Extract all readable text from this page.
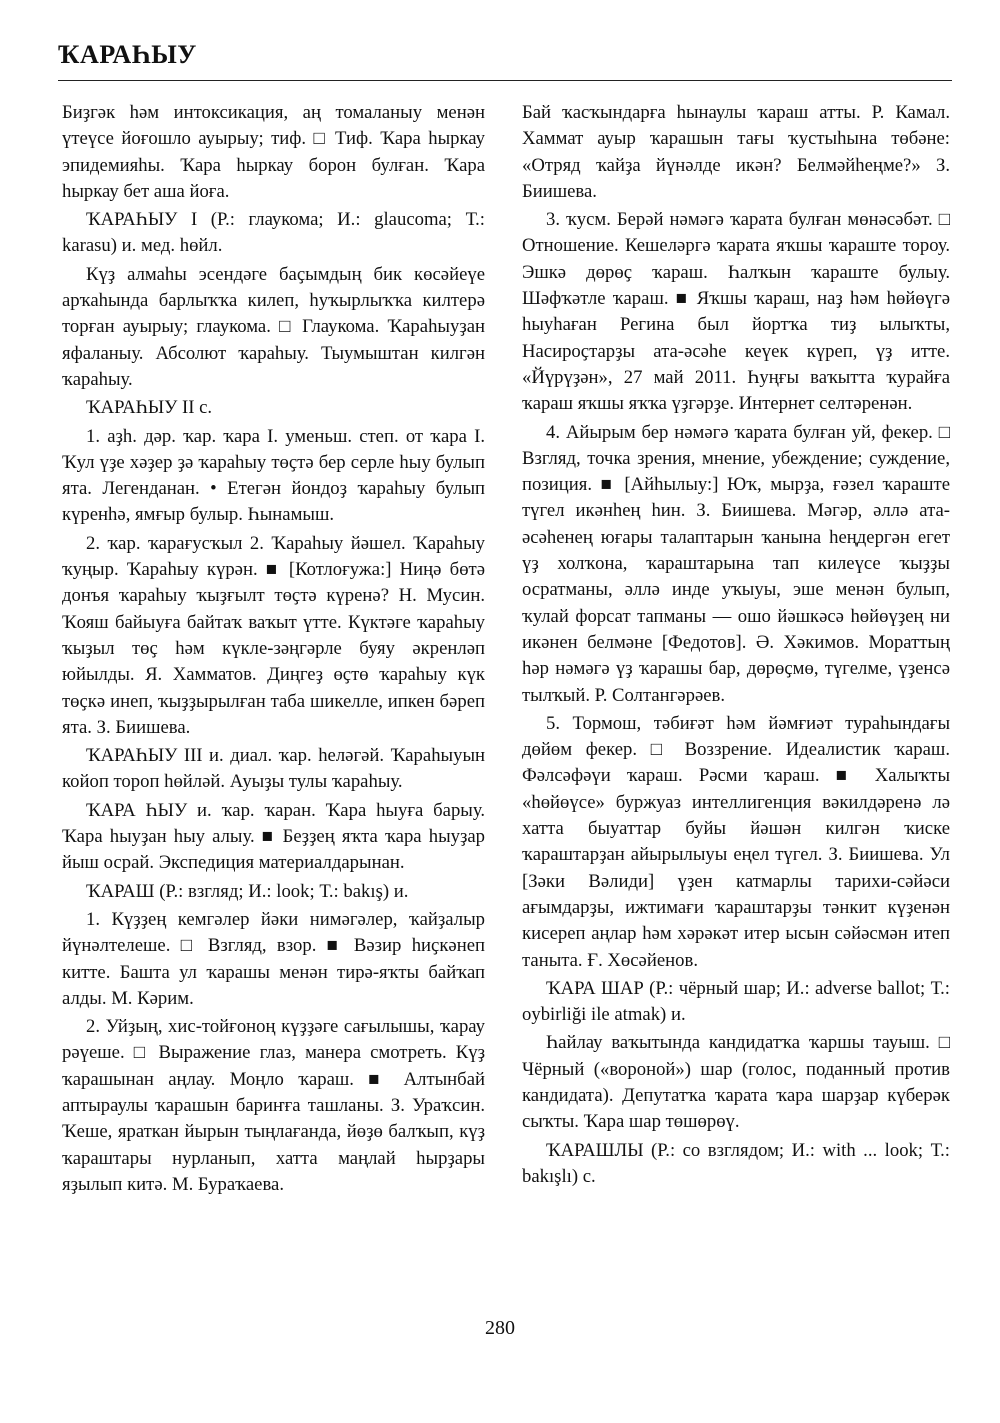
ҠАРАҺЫУ

Биҙгәк һәм интоксикация, аң томаланыу менән үтеүсе йоғошло ауырыу; тиф. □ Тиф. Ҡара һыркау эпидемияһы. Ҡара һыркау борон булған. Ҡара һыркау бет аша йоға.

ҠАРАҺЫУ I (Р.: глаукома; И.: glaucoma; Т.: karasu) и. мед. һөйл.

Күҙ алмаһы эсендәге баҫымдың бик көсәйеүе арҡаһында барлыҡҡа килеп, һуҡырлыҡҡа килтерә торған ауырыу; глаукома. □ Глаукома. Ҡараһыуҙан яфаланыу. Абсолют ҡараһыу. Тыумыштан килгән ҡараһыу.

ҠАРАҺЫУ II с.

1. аҙһ. дәр. ҡар. ҡара I. уменьш. степ. от ҡара I. Ҡул үҙе хәҙер ҙә ҡараһыу төҫтә бер серле һыу булып ята. Легенданан. • Етегән йондоҙ ҡараһыу булып күренһә, ямғыр булыр. Һынамыш.

2. ҡар. ҡарағусҡыл 2. Ҡараһыу йәшел. Ҡараһыу ҡуңыр. Ҡараһыу күрән. ■ [Котлоғужа:] Ниңә бөтә донъя ҡараһыу ҡыҙғылт төҫтә күренә? Н. Мусин. Ҡояш байыуға байтаҡ ваҡыт үтте. Күктәге ҡараһыу ҡыҙыл төҫ һәм күкле-зәңгәрле буяу әкренләп юйылды. Я. Хамматов. Диңгеҙ өҫтө ҡараһыу күк төҫкә инеп, ҡыҙҙырылған таба шикелле, ипкен бәреп ята. З. Биишева.

ҠАРАҺЫУ III и. диал. ҡар. һеләгәй. Ҡараһыуын койоп тороп һөйләй. Ауыҙы тулы ҡараһыу.

ҠАРА ҺЫУ и. ҡар. ҡаран. Ҡара һыуға барыу. Ҡара һыуҙан һыу алыу. ■ Беҙҙең яҡта ҡара һыуҙар йыш осрай. Экспедиция материалдарынан.

ҠАРАШ (Р.: взгляд; И.: look; Т.: bakış) и.

1. Күҙҙең кемгәлер йәки нимәгәлер, ҡайҙалыр йүнәлтелеше. □ Взгляд, взор. ■ Вәзир һиҫкәнеп китте. Башта ул ҡарашы менән тирә-яҡты байҡап алды. М. Кәрим.

2. Уйҙың, хис-тойғоноң күҙҙәге сағылышы, ҡарау рәүеше. □ Выражение глаз, манера смотреть. Күҙ ҡарашынан аңлау. Моңло ҡараш. ■ Алтынбай аптыраулы ҡарашын бариҥға ташланы. З. Ураҡсин. Ҡеше, яраткан йырын тыңлағанда, йөҙө балҡып, күҙ ҡараштары нурланып, хатта маңлай һырҙары яҙылып китә. М. Бураҡаева.

Бай ҡасҡындарға һынаулы ҡараш атты. Р. Камал. Хаммат ауыр ҡарашын тағы ҡустыһына төбәне: «Отряд ҡайҙа йүнәлде икән? Белмәйһеңме?» З. Биишева.

3. ҡусм. Берәй нәмәгә ҡарата булған мөнәсәбәт. □ Отношение. Кешеләргә ҡарата яҡшы ҡараште тороу. Эшкә дөрөҫ ҡараш. Һалҡын ҡараште булыу. Шәфҡәтле ҡараш. ■ Яҡшы ҡараш, наҙ һәм һөйөүгә һыуһаған Регина был йортҡа тиҙ ылыҡты, Насироҫтарҙы ата-әсәһе кеүек күреп, үҙ итте. «Йүрүҙән», 27 май 2011. Һуңғы ваҡытта ҡурайға ҡараш яҡшы яҡҡа үҙгәрҙе. Интернет селтәренән.

4. Айырым бер нәмәгә ҡарата булған уй, фекер. □ Взгляд, точка зрения, мнение, убеждение; суждение, позиция. ■ [Айһылыу:] Юҡ, мырҙа, ғәзел ҡараште түгел икәнһең һин. З. Биишева. Мәгәр, әллә ата-әсәһенең юғары талаптарын ҡанына һеңдергән егет үҙ холҡона, ҡараштарына тап килеүсе ҡыҙҙы осратманы, әллә инде уҡыуы, эше менән булып, ҡулай форсат тапманы — ошо йәшкәсә һөйөүҙең ни икәнен белмәне [Федотов]. Ә. Хәкимов. Мораттың һәр нәмәгә үҙ ҡарашы бар, дөрөҫмө, түгелме, үҙенсә тылҡый. Р. Солтангәрәев.

5. Тормош, тәбиғәт һәм йәмғиәт тураһындағы дөйөм фекер. □ Воззрение. Идеалистик ҡараш. Фәлсәфәүи ҡараш. Рәсми ҡараш. ■ Халыҡты «һөйөүсе» буржуаз интеллигенция вәкилдәренә лә хатта быуаттар буйы йәшән килгән ҡиске ҡараштарҙан айырылыуы еңел түгел. З. Биишева. Ул [Зәки Вәлиди] үҙен катмарлы тарихи-сәйәси ағымдарҙы, ижтимағи ҡараштарҙы тәнкит күҙенән кисереп аңлар һәм хәрәкәт итер ысын сәйәсмән итеп таныта. Ғ. Хөсәйенов.

ҠАРА ШАР (Р.: чёрный шар; И.: adverse ballot; Т.: oybirliği ile atmak) и.

Һайлау ваҡытында кандидатҡа ҡаршы тауыш. □ Чёрный («вороной») шар (голос, поданный против кандидата). Депутатҡа ҡарата ҡара шарҙар күберәк сыҡты. Ҡара шар төшөрөү.

ҠАРАШЛЫ (Р.: со взглядом; И.: with ... look; Т.: bakışlı) с.

280
